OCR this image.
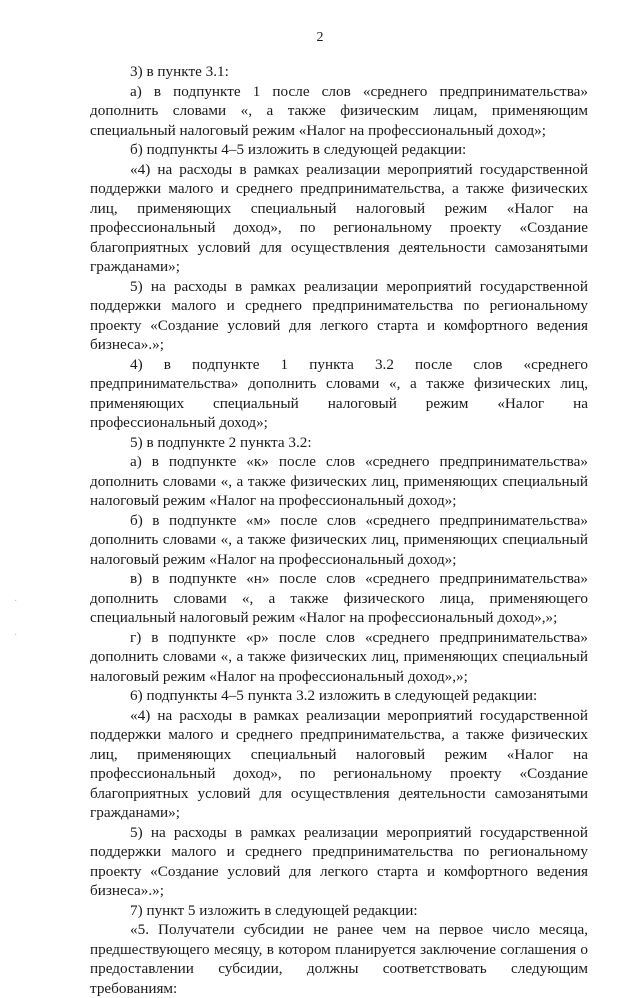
2
·
·

3) в пункте 3.1:

а) в подпункте 1 после слов «среднего предпринимательства» дополнить словами «, а также физическим лицам, применяющим специальный налоговый режим «Налог на профессиональный доход»;

б) подпункты 4–5 изложить в следующей редакции:

«4) на расходы в рамках реализации мероприятий государственной поддержки малого и среднего предпринимательства, а также физических лиц, применяющих специальный налоговый режим «Налог на профессиональный доход», по региональному проекту «Создание благоприятных условий для осуществления деятельности самозанятыми гражданами»;

5) на расходы в рамках реализации мероприятий государственной поддержки малого и среднего предпринимательства по региональному проекту «Создание условий для легкого старта и комфортного ведения бизнеса».»;

4) в подпункте 1 пункта 3.2 после слов «среднего предпринимательства» дополнить словами «, а также физических лиц, применяющих специальный налоговый режим «Налог на профессиональный доход»;

5) в подпункте 2 пункта 3.2:

а) в подпункте «к» после слов «среднего предпринимательства» дополнить словами «, а также физических лиц, применяющих специальный налоговый режим «Налог на профессиональный доход»;

б) в подпункте «м» после слов «среднего предпринимательства» дополнить словами «, а также физических лиц, применяющих специальный налоговый режим «Налог на профессиональный доход»;

в) в подпункте «н» после слов «среднего предпринимательства» дополнить словами «, а также физического лица, применяющего специальный налоговый режим «Налог на профессиональный доход»,»;

г) в подпункте «р» после слов «среднего предпринимательства» дополнить словами «, а также физических лиц, применяющих специальный налоговый режим «Налог на профессиональный доход»,»;

6) подпункты 4–5 пункта 3.2 изложить в следующей редакции:

«4) на расходы в рамках реализации мероприятий государственной поддержки малого и среднего предпринимательства, а также физических лиц, применяющих специальный налоговый режим «Налог на профессиональный доход», по региональному проекту «Создание благоприятных условий для осуществления деятельности самозанятыми гражданами»;

5) на расходы в рамках реализации мероприятий государственной поддержки малого и среднего предпринимательства по региональному проекту «Создание условий для легкого старта и комфортного ведения бизнеса».»;

7) пункт 5 изложить в следующей редакции:

«5. Получатели субсидии не ранее чем на первое число месяца, предшествующего месяцу, в котором планируется заключение соглашения о предоставлении субсидии, должны соответствовать следующим требованиям:
